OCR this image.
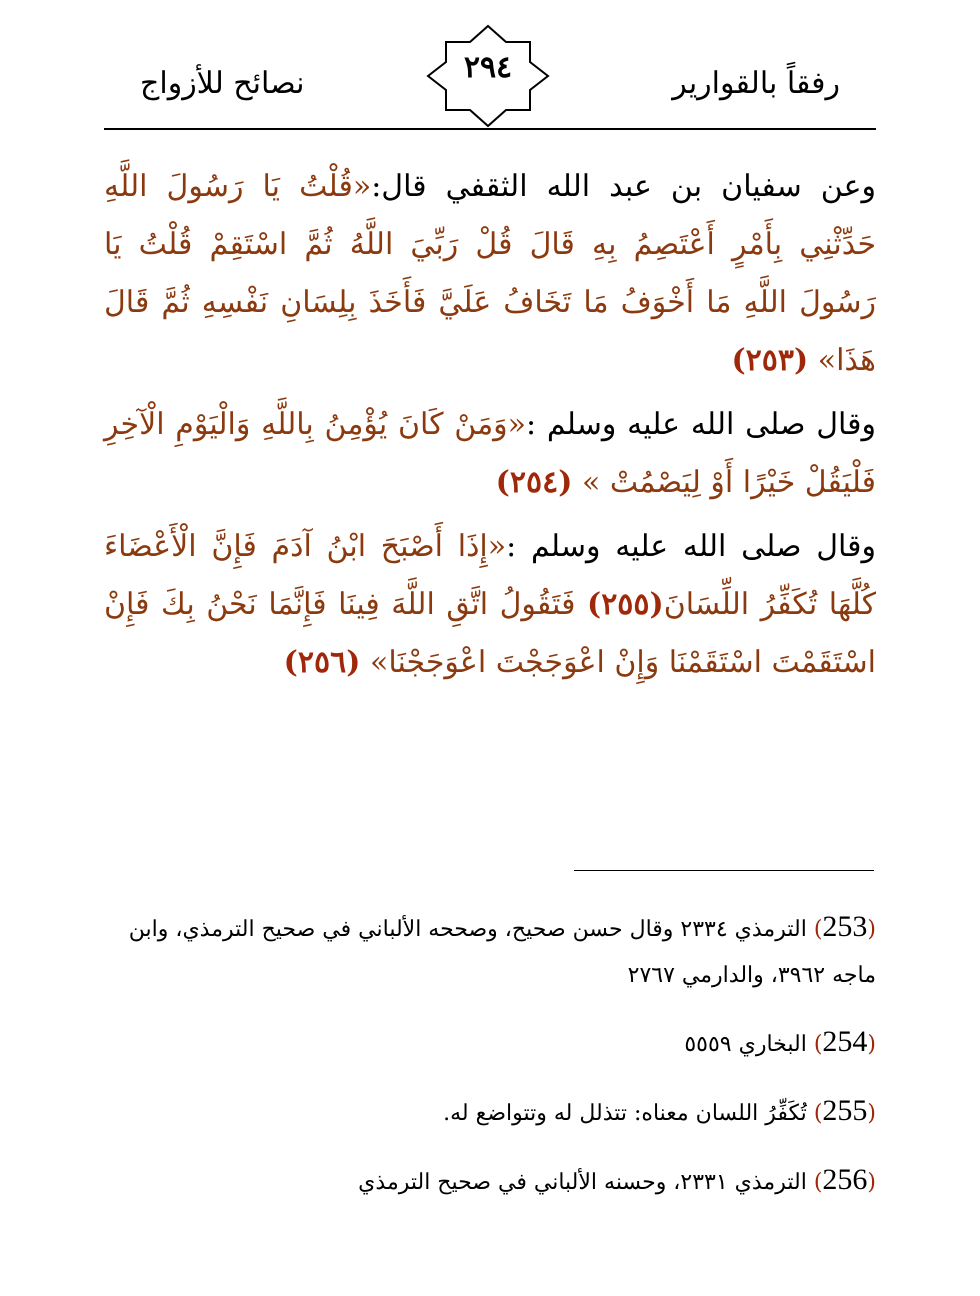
رفقاً بالقوارير
٢٩٤
نصائح للأزواج

وعن سفيان بن عبد الله الثقفي قال:«قُلْتُ يَا رَسُولَ اللَّهِ حَدِّثْنِي بِأَمْرٍ أَعْتَصِمُ بِهِ قَالَ قُلْ رَبِّيَ اللَّهُ ثُمَّ اسْتَقِمْ قُلْتُ يَا رَسُولَ اللَّهِ مَا أَخْوَفُ مَا تَخَافُ عَلَيَّ فَأَخَذَ بِلِسَانِ نَفْسِهِ ثُمَّ قَالَ هَذَا» (٢٥٣)

وقال صلى الله عليه وسلم :«وَمَنْ كَانَ يُؤْمِنُ بِاللَّهِ وَالْيَوْمِ الْآخِرِ فَلْيَقُلْ خَيْرًا أَوْ لِيَصْمُتْ » (٢٥٤)

وقال صلى الله عليه وسلم :«إِذَا أَصْبَحَ ابْنُ آدَمَ فَإِنَّ الْأَعْضَاءَ كُلَّهَا تُكَفِّرُ اللِّسَانَ(٢٥٥) فَتَقُولُ اتَّقِ اللَّهَ فِينَا فَإِنَّمَا نَحْنُ بِكَ فَإِنْ اسْتَقَمْتَ اسْتَقَمْنَا وَإِنْ اعْوَجَجْتَ اعْوَجَجْنَا» (٢٥٦)

(253) الترمذي ٢٣٣٤ وقال حسن صحيح، وصححه الألباني في صحيح الترمذي، وابن ماجه ٣٩٦٢، والدارمي ٢٧٦٧
(254) البخاري ٥٥٥٩
(255) تُكَفِّرُ اللسان معناه: تتذلل له وتتواضع له.
(256) الترمذي ٢٣٣١، وحسنه الألباني في صحيح الترمذي
